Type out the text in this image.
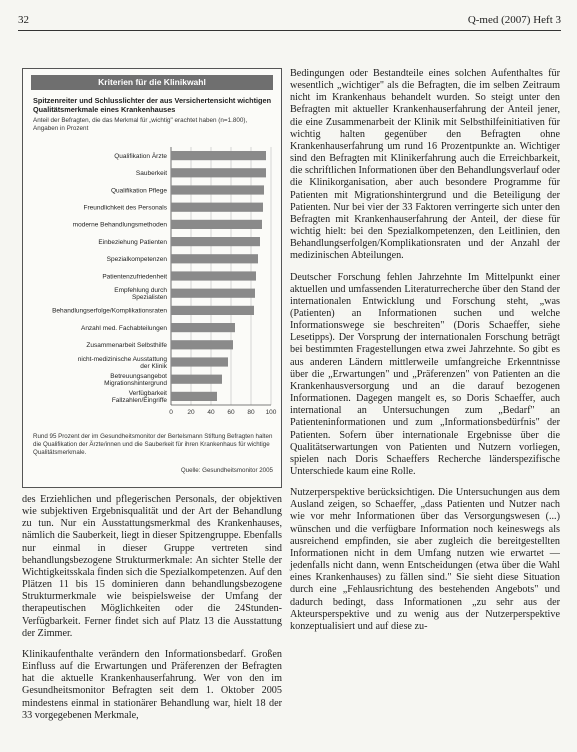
32	Q-med (2007) Heft 3
Kriterien für die Klinikwahl
Spitzenreiter und Schlusslichter der aus Versichertensicht wichtigen Qualitätsmerkmale eines Krankenhauses
Anteil der Befragten, die das Merkmal für „wichtig" erachtet haben (n=1.800), Angaben in Prozent
0 20 40 60 80 100
Qualifikation Ärzte
Sauberkeit
Qualifikation Pflege
Freundlichkeit des Personals
moderne Behandlungsmethoden
Einbeziehung Patienten
Spezialkompetenzen
Patientenzufriedenheit
Empfehlung durch Spezialisten
Behandlungserfolge/Komplikationsraten
Anzahl med. Fachabteilungen
Zusammenarbeit Selbsthilfe
nicht-medizinische Ausstattung der Klinik
Betreuungsangebot Migrationshintergrund
Verfügbarkeit Fallzahlen/Eingriffe
Rund 95 Prozent der im Gesundheitsmonitor der Bertelsmann Stiftung Befragten halten die Qualifikation der Ärzte/innen und die Sauberkeit für ihren Krankenhaus für wichtige Qualitätsmerkmale.
Quelle: Gesundheitsmonitor 2005

des Erziehlichen und pflegerischen Personals, der objektiven wie subjektiven Ergebnisqualität und der Art der Behandlung zu tun. Nur ein Ausstattungsmerkmal des Krankenhauses, nämlich die Sauberkeit, liegt in dieser Spitzengruppe. Ebenfalls nur einmal in dieser Gruppe vertreten sind behandlungsbezogene Strukturmerkmale: An sichter Stelle der Wichtigkeitsskala finden sich die Spezialkompetenzen. Auf den Plätzen 11 bis 15 dominieren dann behandlungsbezogene Strukturmerkmale wie beispielsweise der Umfang der therapeutischen Möglichkeiten oder die 24Stunden-Verfügbarkeit. Ferner findet sich auf Platz 13 die Ausstattung der Zimmer.

Klinikaufenthalte verändern den Informationsbedarf. Großen Einfluss auf die Erwartungen und Präferenzen der Befragten hat die aktuelle Krankenhauserfahrung. Wer von den im Gesundheitsmonitor Befragten seit dem 1. Oktober 2005 mindestens einmal in stationärer Behandlung war, hielt 18 der 33 vorgegebenen Merkmale,

Bedingungen oder Bestandteile eines solchen Aufenthaltes für wesentlich „wichtiger" als die Befragten, die im selben Zeitraum nicht im Krankenhaus behandelt wurden. So steigt unter den Befragten mit aktueller Krankenhauserfahrung der Anteil jener, die eine Zusammenarbeit der Klinik mit Selbsthilfeinitiativen für wichtig halten gegenüber den Befragten ohne Krankenhauserfahrung um rund 16 Prozentpunkte an. Wichtiger sind den Befragten mit Klinikerfahrung auch die Erreichbarkeit, die schriftlichen Informationen über den Behandlungsverlauf oder die Klinikorganisation, aber auch besondere Programme für Patienten mit Migrationshintergrund und die Beteiligung der Patienten. Nur bei vier der 33 Faktoren verringerte sich unter den Befragten mit Krankenhauserfahrung der Anteil, der diese für wichtig hielt: bei den Spezialkompetenzen, den Leitlinien, den Behandlungserfolgen/Komplikationsraten und der Anzahl der medizinischen Abteilungen.

Deutscher Forschung fehlen Jahrzehnte Im Mittelpunkt einer aktuellen und umfassenden Literaturrecherche über den Stand der internationalen Entwicklung und Forschung steht, „was (Patienten) an Informationen suchen und welche Informationswege sie beschreiten" (Doris Schaeffer, siehe Lesetipps). Der Vorsprung der internationalen Forschung beträgt bei bestimmten Fragestellungen etwa zwei Jahrzehnte. So gibt es aus anderen Ländern mittlerweile umfangreiche Erkenntnisse über die „Erwartungen" und „Präferenzen" von Patienten an die Krankenhausversorgung und an die darauf bezogenen Informationen. Dagegen mangelt es, so Doris Schaeffer, auch international an Untersuchungen zum „Bedarf" an Patienteninformationen und zum „Informationsbedürfnis" der Patienten. Sofern über internationale Ergebnisse über die Qualitätserwartungen von Patienten und Nutzern vorliegen, spielen nach Doris Schaeffers Recherche länderspezifische Unterschiede kaum eine Rolle.

Nutzerperspektive berücksichtigen. Die Untersuchungen aus dem Ausland zeigen, so Schaeffer, „dass Patienten und Nutzer nach wie vor mehr Informationen über das Versorgungswesen (...) wünschen und die verfügbare Information noch keineswegs als ausreichend empfinden, sie aber zugleich die bereitgestellten Informationen nicht in dem Umfang nutzen wie erwartet — jedenfalls nicht dann, wenn Entscheidungen (etwa über die Wahl eines Krankenhauses) zu fällen sind." Sie sieht diese Situation durch eine „Fehlausrichtung des bestehenden Angebots" und dadurch bedingt, dass Informationen „zu sehr aus der Akteursperspektive und zu wenig aus der Nutzerperspektive konzeptualisiert und auf diese zu-
